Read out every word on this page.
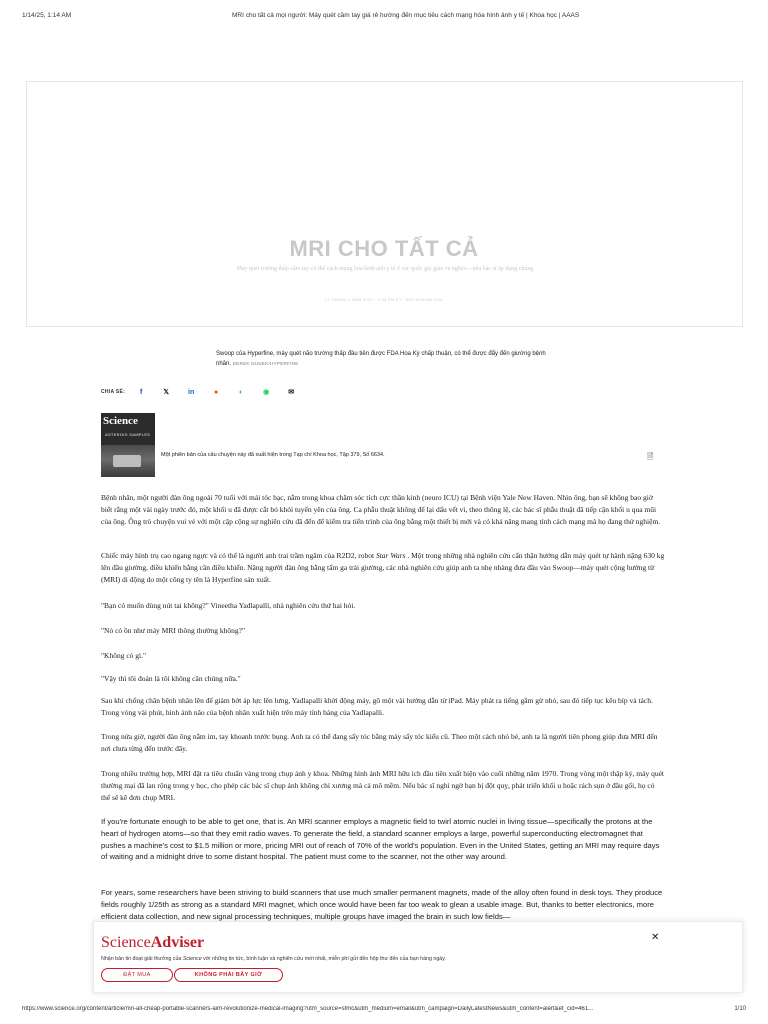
1/14/25, 1:14 AM	MRI cho tất cả mọi người: Máy quét cầm tay giá rẻ hướng đến mục tiêu cách mạng hóa hình ảnh y tế | Khoa học | AAAS
MRI CHO TẤT CẢ
Máy quét trường thấp cầm tay có thể cách mạng hóa hình ảnh y tế ở các quốc gia giàu và nghèo—nếu bác sĩ áp dụng chúng
21 THÁNG 2 NĂM 2023 · 2:00 PM ET · BỞI ADRIAN CHO
Swoop của Hyperfine, máy quét não trường thấp đầu tiên được FDA Hoa Kỳ chấp thuận, có thể được đẩy đến giường bệnh nhân. DEREK DUDEK/HYPERFINE
CHIA SẺ:	f	𝕏	in	●	◐	◉	✉
Science
ASTEROID SAMPLES
Một phiên bản của câu chuyện này đã xuất hiện trong Tạp chí Khoa học, Tập 379, Số 6634.	🗎

Bệnh nhân, một người đàn ông ngoài 70 tuổi với mái tóc bạc, nằm trong khoa chăm sóc tích cực thần kinh (neuro ICU) tại Bệnh viện Yale New Haven. Nhìn ông, bạn sẽ không bao giờ biết rằng một vài ngày trước đó, một khối u đã được cắt bỏ khỏi tuyến yên của ông. Ca phẫu thuật không để lại dấu vết vì, theo thông lệ, các bác sĩ phẫu thuật đã tiếp cận khối u qua mũi của ông. Ông trò chuyện vui vẻ với một cặp cộng sự nghiên cứu đã đến để kiểm tra tiến trình của ông bằng một thiết bị mới và có khả năng mang tính cách mạng mà họ đang thử nghiệm.

Chiếc máy hình trụ cao ngang ngực và có thể là người anh trai trầm ngâm của R2D2, robot Star Wars . Một trong những nhà nghiên cứu cẩn thận hướng dẫn máy quét tự hành nặng 630 kg lên đầu giường, điều khiển bằng cần điều khiển. Nâng người đàn ông bằng tấm ga trải giường, các nhà nghiên cứu giúp anh ta nhẹ nhàng đưa đầu vào Swoop—máy quét cộng hưởng từ (MRI) di động do một công ty tên là Hyperfine sản xuất.

"Bạn có muốn dùng nút tai không?" Vineetha Yadlapalli, nhà nghiên cứu thứ hai hỏi.

"Nó có ồn như máy MRI thông thường không?"

"Không có gì."

"Vậy thì tôi đoán là tôi không cần chúng nữa."

Sau khi chống chân bệnh nhân lên để giảm bớt áp lực lên lưng, Yadlapalli khởi động máy, gõ một vài hướng dẫn từ iPad. Máy phát ra tiếng gầm gừ nhỏ, sau đó tiếp tục kêu bíp và tách. Trong vòng vài phút, hình ảnh não của bệnh nhân xuất hiện trên máy tính bảng của Yadlapalli.

Trong nửa giờ, người đàn ông nằm im, tay khoanh trước bụng. Anh ta có thể đang sấy tóc bằng máy sấy tóc kiểu cũ. Theo một cách nhỏ bé, anh ta là người tiên phong giúp đưa MRI đến nơi chưa từng đến trước đây.

Trong nhiều trường hợp, MRI đặt ra tiêu chuẩn vàng trong chụp ảnh y khoa. Những hình ảnh MRI hữu ích đầu tiên xuất hiện vào cuối những năm 1970. Trong vòng một thập kỷ, máy quét thường mại đã lan rộng trong y học, cho phép các bác sĩ chụp ảnh không chỉ xương mà cả mô mềm. Nếu bác sĩ nghi ngờ bạn bị đột quỵ, phát triển khối u hoặc rách sụn ở đầu gối, họ có thể sẽ kê đơn chụp MRI.

If you're fortunate enough to be able to get one, that is. An MRI scanner employs a magnetic field to twirl atomic nuclei in living tissue—specifically the protons at the heart of hydrogen atoms—so that they emit radio waves. To generate the field, a standard scanner employs a large, powerful superconducting electromagnet that pushes a machine's cost to $1.5 million or more, pricing MRI out of reach of 70% of the world's population. Even in the United States, getting an MRI may require days of waiting and a midnight drive to some distant hospital. The patient must come to the scanner, not the other way around.

For years, some researchers have been striving to build scanners that use much smaller permanent magnets, made of the alloy often found in desk toys. They produce fields roughly 1/25th as strong as a standard MRI magnet, which once would have been far too weak to glean a usable image. But, thanks to better electronics, more efficient data collection, and new signal processing techniques, multiple groups have imaged the brain in such low fields—

ScienceAdviser	✕
Nhận bản tin đoạt giải thưởng của Science với những tin tức, bình luận và nghiên cứu mới nhất, miễn phí gửi đến hộp thư đến của bạn hàng ngày.
ĐẶT MUA	KHÔNG PHẢI BÂY GIỜ
https://www.science.org/content/article/mri-all-cheap-portable-scanners-aim-revolutionize-medical-imaging?utm_source=sfmc&utm_medium=email&utm_campaign=DailyLatestNews&utm_content=alert&et_cid=461...	1/10
